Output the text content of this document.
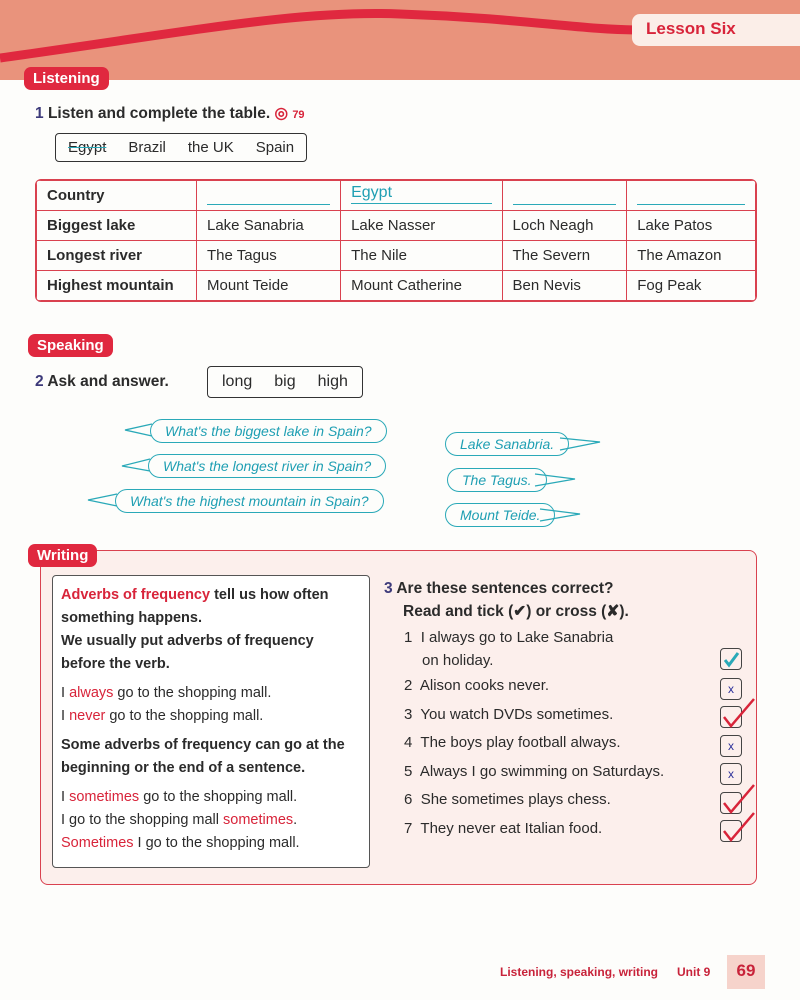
Lesson Six
Listening
1 Listen and complete the table. ◎ 79
Egypt Brazil the UK Spain
Country		Egypt		

Biggest lake	Lake Sanabria	Lake Nasser	Loch Neagh	Lake Patos
Longest river	The Tagus	The Nile	The Severn	The Amazon
Highest mountain	Mount Teide	Mount Catherine	Ben Nevis	Fog Peak
Speaking
2 Ask and answer.	long big high
What's the biggest lake in Spain?
What's the longest river in Spain?
What's the highest mountain in Spain?
Lake Sanabria.
The Tagus.
Mount Teide.
Writing
Adverbs of frequency tell us how often something happens.
We usually put adverbs of frequency before the verb.
I always go to the shopping mall.
I never go to the shopping mall.
Some adverbs of frequency can go at the beginning or the end of a sentence.
I sometimes go to the shopping mall.
I go to the shopping mall sometimes.
Sometimes I go to the shopping mall.
3 Are these sentences correct?
Read and tick (✔) or cross (✘).
1 I always go to Lake Sanabria
on holiday.
2 Alison cooks never.
3 You watch DVDs sometimes.
4 The boys play football always.
5 Always I go swimming on Saturdays.
6 She sometimes plays chess.
7 They never eat Italian food.
x
x
x
Listening, speaking, writing Unit 9	69
